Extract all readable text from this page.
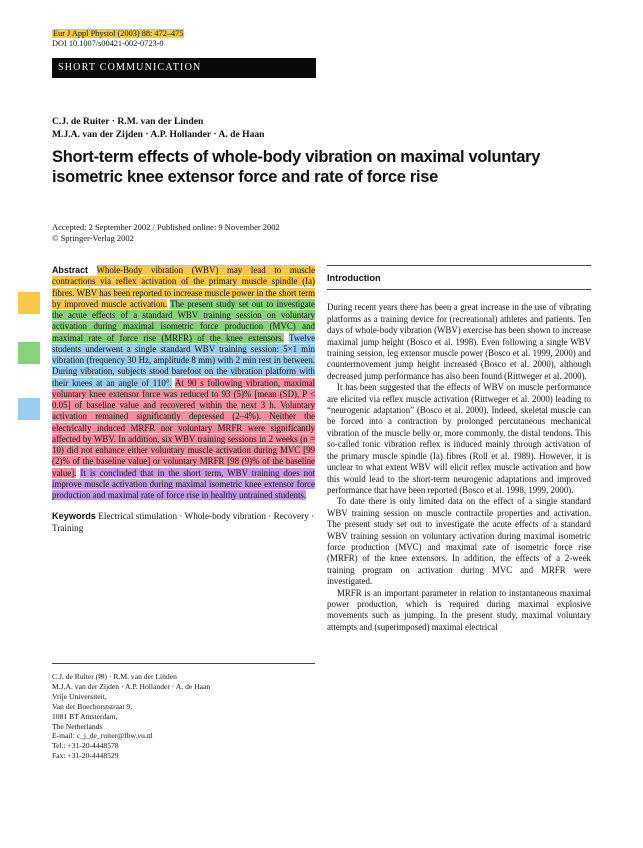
Eur J Appl Physiol (2003) 88: 472–475
DOI 10.1007/s00421-002-0723-0
SHORT COMMUNICATION
C.J. de Ruiter · R.M. van der Linden
M.J.A. van der Zijden · A.P. Hollander · A. de Haan
Short-term effects of whole-body vibration on maximal voluntary isometric knee extensor force and rate of force rise
Accepted: 2 September 2002 / Published online: 9 November 2002
© Springer-Verlag 2002
Abstract Whole-Body vibration (WBV) may lead to muscle contractions via reflex activation of the primary muscle spindle (Ia) fibres. WBV has been reported to increase muscle power in the short term by improved muscle activation. The present study set out to investigate the acute effects of a standard WBV training session on voluntary activation during maximal isometric force production (MVC) and maximal rate of force rise (MRFR) of the knee extensors. Twelve students underwent a single standard WBV training session: 5×1 min vibration (frequency 30 Hz, amplitude 8 mm) with 2 min rest in between. During vibration, subjects stood barefoot on the vibration platform with their knees at an angle of 110°. At 90 s following vibration, maximal voluntary knee extensor force was reduced to 93 (5)% [mean (SD), P < 0.05] of baseline value and recovered within the next 3 h. Voluntary activation remained significantly depressed (2–4%). Neither the electrically induced MRFR nor voluntary MRFR were significantly affected by WBV. In addition, six WBV training sessions in 2 weeks (n = 10) did not enhance either voluntary muscle activation during MVC [99 (2)% of the baseline value] or voluntary MRFR [98 (9)% of the baseline value]. It is concluded that in the short term, WBV training does not improve muscle activation during maximal isometric knee extensor force production and maximal rate of force rise in healthy untrained students.
Keywords Electrical stimulation · Whole-body vibration · Recovery · Training
C.J. de Ruiter (✉) · R.M. van der Linden
M.J.A. van der Zijden · A.P. Hollander · A. de Haan
Vrije Universiteit,
Van der Boechorststraat 9,
1081 BT Amsterdam,
The Netherlands
E-mail: c_j_de_ruiter@fbw.vu.nl
Tel.: +31-20-4448578
Fax: +31-20-4448529
Introduction

During recent years there has been a great increase in the use of vibrating platforms as a training device for (recreational) athletes and patients. Ten days of whole-body vibration (WBV) exercise has been shown to increase maximal jump height (Bosco et al. 1998). Even following a single WBV training session, leg extensor muscle power (Bosco et al. 1999, 2000) and countermovement jump height increased (Bosco et al. 2000), although decreased jump performance has also been found (Rittweger et al. 2000).

It has been suggested that the effects of WBV on muscle performance are elicited via reflex muscle activation (Rittweger et al. 2000) leading to “neurogenic adaptation” (Bosco et al. 2000). Indeed, skeletal muscle can be forced into a contraction by prolonged percutaneous mechanical vibration of the muscle belly or, more commonly, the distal tendons. This so-called tonic vibration reflex is induced mainly through activation of the primary muscle spindle (Ia) fibres (Roll et al. 1989). However, it is unclear to what extent WBV will elicit reflex muscle activation and how this would lead to the short-term neurogenic adaptations and improved performance that have been reported (Bosco et al. 1998, 1999, 2000).

To date there is only limited data on the effect of a single standard WBV training session on muscle contractile properties and activation. The present study set out to investigate the acute effects of a standard WBV training session on voluntary activation during maximal isometric force production (MVC) and maximal rate of isometric force rise (MRFR) of the knee extensors. In addition, the effects of a 2-week training program on activation during MVC and MRFR were investigated.

MRFR is an important parameter in relation to instantaneous maximal power production, which is required during maximal explosive movements such as jumping. In the present study, maximal voluntary attempts and (superimposed) maximal electrical
